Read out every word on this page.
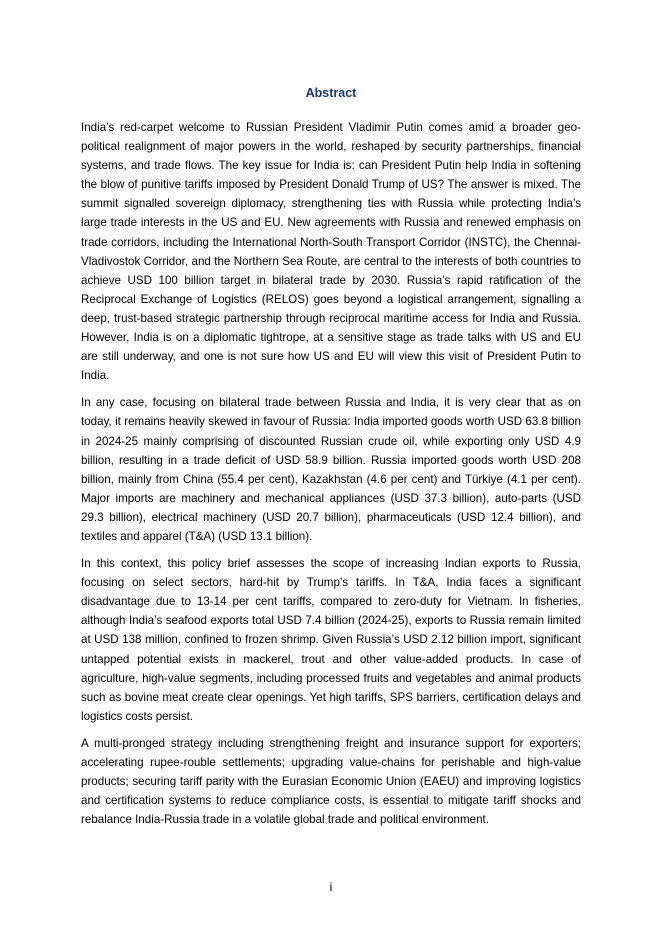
Abstract

India’s red-carpet welcome to Russian President Vladimir Putin comes amid a broader geo-political realignment of major powers in the world, reshaped by security partnerships, financial systems, and trade flows. The key issue for India is: can President Putin help India in softening the blow of punitive tariffs imposed by President Donald Trump of US? The answer is mixed. The summit signalled sovereign diplomacy, strengthening ties with Russia while protecting India’s large trade interests in the US and EU. New agreements with Russia and renewed emphasis on trade corridors, including the International North-South Transport Corridor (INSTC), the Chennai-Vladivostok Corridor, and the Northern Sea Route, are central to the interests of both countries to achieve USD 100 billion target in bilateral trade by 2030. Russia’s rapid ratification of the Reciprocal Exchange of Logistics (RELOS) goes beyond a logistical arrangement, signalling a deep, trust-based strategic partnership through reciprocal maritime access for India and Russia. However, India is on a diplomatic tightrope, at a sensitive stage as trade talks with US and EU are still underway, and one is not sure how US and EU will view this visit of President Putin to India.

In any case, focusing on bilateral trade between Russia and India, it is very clear that as on today, it remains heavily skewed in favour of Russia: India imported goods worth USD 63.8 billion in 2024-25 mainly comprising of discounted Russian crude oil, while exporting only USD 4.9 billion, resulting in a trade deficit of USD 58.9 billion. Russia imported goods worth USD 208 billion, mainly from China (55.4 per cent), Kazakhstan (4.6 per cent) and Türkiye (4.1 per cent). Major imports are machinery and mechanical appliances (USD 37.3 billion), auto-parts (USD 29.3 billion), electrical machinery (USD 20.7 billion), pharmaceuticals (USD 12.4 billion), and textiles and apparel (T&A) (USD 13.1 billion).

In this context, this policy brief assesses the scope of increasing Indian exports to Russia, focusing on select sectors, hard-hit by Trump’s tariffs. In T&A, India faces a significant disadvantage due to 13-14 per cent tariffs, compared to zero-duty for Vietnam. In fisheries, although India’s seafood exports total USD 7.4 billion (2024-25), exports to Russia remain limited at USD 138 million, confined to frozen shrimp. Given Russia’s USD 2.12 billion import, significant untapped potential exists in mackerel, trout and other value-added products. In case of agriculture, high-value segments, including processed fruits and vegetables and animal products such as bovine meat create clear openings. Yet high tariffs, SPS barriers, certification delays and logistics costs persist.

A multi-pronged strategy including strengthening freight and insurance support for exporters; accelerating rupee-rouble settlements; upgrading value-chains for perishable and high-value products; securing tariff parity with the Eurasian Economic Union (EAEU) and improving logistics and certification systems to reduce compliance costs, is essential to mitigate tariff shocks and rebalance India-Russia trade in a volatile global trade and political environment.

i
